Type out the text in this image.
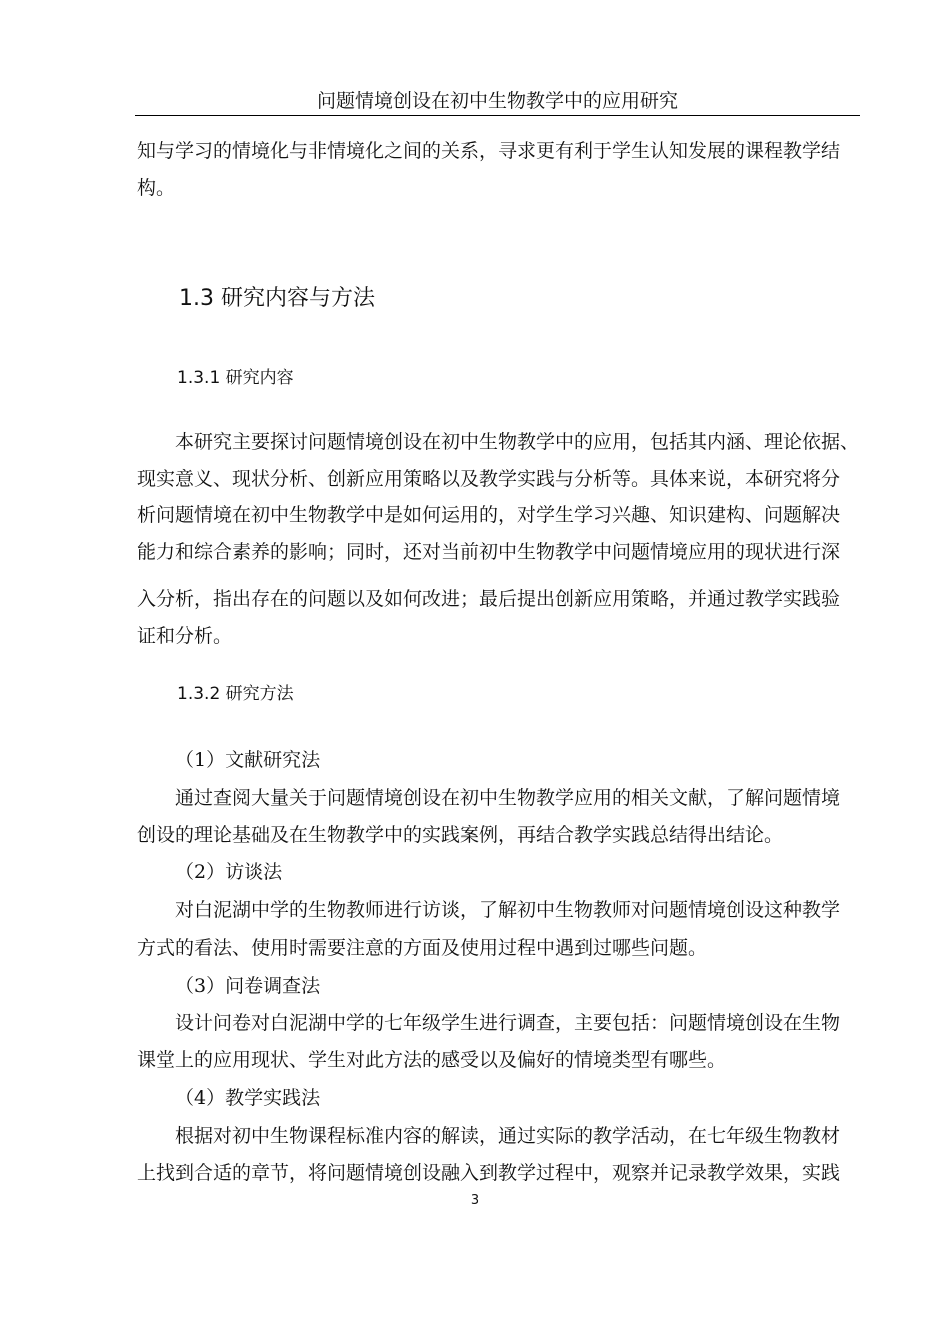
问题情境创设在初中生物教学中的应用研究
知与学习的情境化与非情境化之间的关系，寻求更有利于学生认知发展的课程教学结
构。
1.3 研究内容与方法
1.3.1 研究内容
本研究主要探讨问题情境创设在初中生物教学中的应用，包括其内涵、理论依据、
现实意义、现状分析、创新应用策略以及教学实践与分析等。具体来说，本研究将分
析问题情境在初中生物教学中是如何运用的，对学生学习兴趣、知识建构、问题解决
能力和综合素养的影响；同时，还对当前初中生物教学中问题情境应用的现状进行深
入分析，指出存在的问题以及如何改进；最后提出创新应用策略，并通过教学实践验
证和分析。
1.3.2 研究方法
（1）文献研究法
通过查阅大量关于问题情境创设在初中生物教学应用的相关文献，了解问题情境
创设的理论基础及在生物教学中的实践案例，再结合教学实践总结得出结论。
（2）访谈法
对白泥湖中学的生物教师进行访谈，了解初中生物教师对问题情境创设这种教学
方式的看法、使用时需要注意的方面及使用过程中遇到过哪些问题。
（3）问卷调查法
设计问卷对白泥湖中学的七年级学生进行调查，主要包括：问题情境创设在生物
课堂上的应用现状、学生对此方法的感受以及偏好的情境类型有哪些。
（4）教学实践法
根据对初中生物课程标准内容的解读，通过实际的教学活动，在七年级生物教材
上找到合适的章节，将问题情境创设融入到教学过程中，观察并记录教学效果，实践
3
